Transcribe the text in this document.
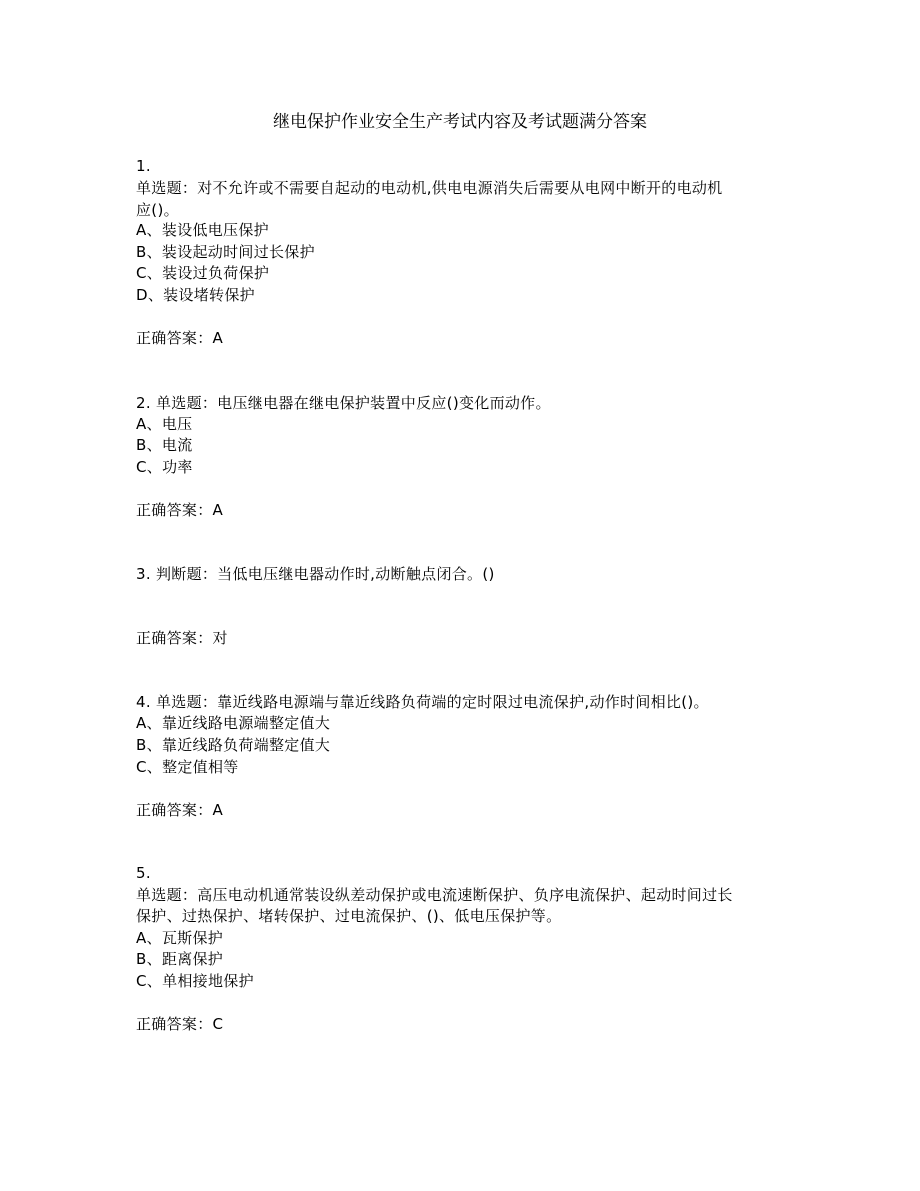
继电保护作业安全生产考试内容及考试题满分答案
1.
单选题：对不允许或不需要自起动的电动机,供电电源消失后需要从电网中断开的电动机
应()。
A、装设低电压保护
B、装设起动时间过长保护
C、装设过负荷保护
D、装设堵转保护
正确答案：A
2. 单选题：电压继电器在继电保护装置中反应()变化而动作。
A、电压
B、电流
C、功率
正确答案：A
3. 判断题：当低电压继电器动作时,动断触点闭合。()
正确答案：对
4. 单选题：靠近线路电源端与靠近线路负荷端的定时限过电流保护,动作时间相比()。
A、靠近线路电源端整定值大
B、靠近线路负荷端整定值大
C、整定值相等
正确答案：A
5.
单选题：高压电动机通常装设纵差动保护或电流速断保护、负序电流保护、起动时间过长
保护、过热保护、堵转保护、过电流保护、()、低电压保护等。
A、瓦斯保护
B、距离保护
C、单相接地保护
正确答案：C
